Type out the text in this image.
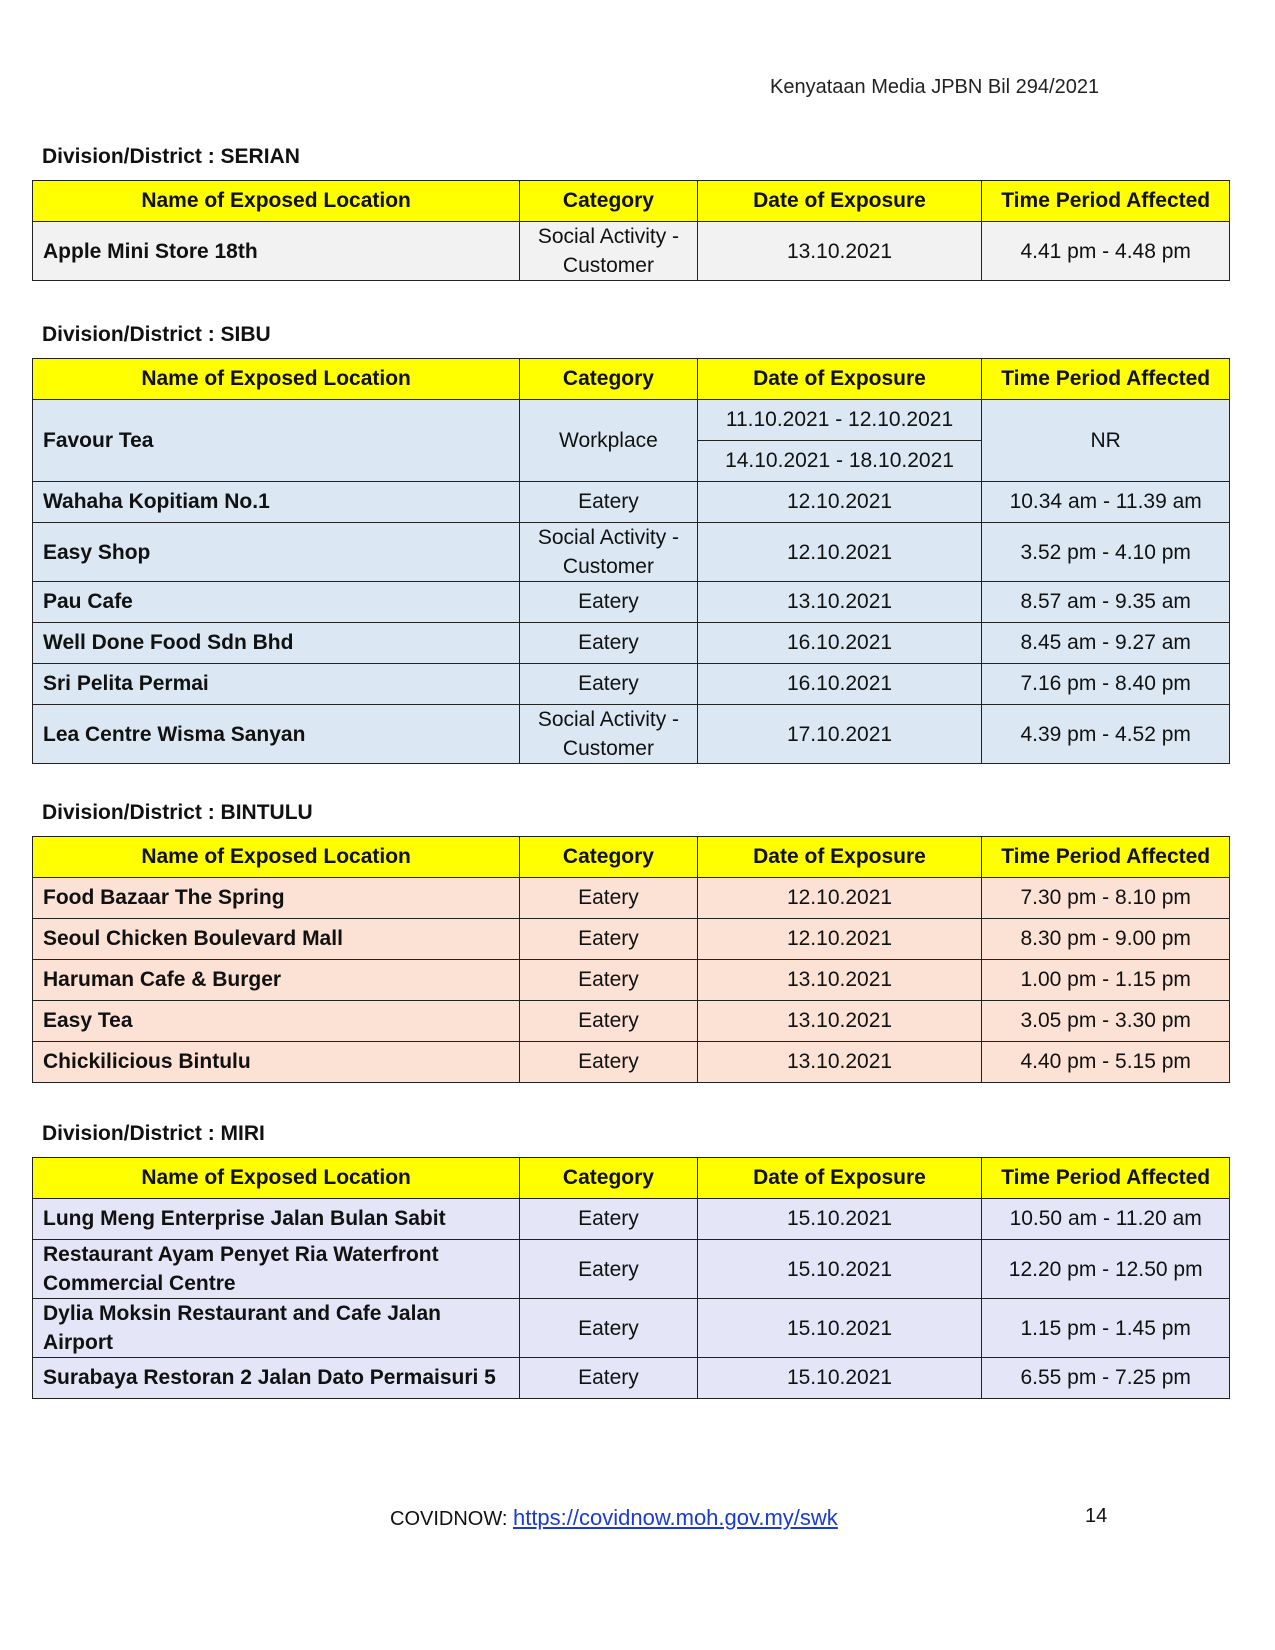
Kenyataan Media JPBN Bil 294/2021
Division/District : SERIAN
Name of Exposed Location	Category	Date of Exposure	Time Period Affected
Apple Mini Store 18th	Social Activity - Customer	13.10.2021	4.41 pm - 4.48 pm
Division/District : SIBU
Name of Exposed Location	Category	Date of Exposure	Time Period Affected
Favour Tea	Workplace	11.10.2021 - 12.10.2021	NR
		14.10.2021 - 18.10.2021	
Wahaha Kopitiam No.1	Eatery	12.10.2021	10.34 am - 11.39 am
Easy Shop	Social Activity - Customer	12.10.2021	3.52 pm - 4.10 pm
Pau Cafe	Eatery	13.10.2021	8.57 am - 9.35 am
Well Done Food Sdn Bhd	Eatery	16.10.2021	8.45 am - 9.27 am
Sri Pelita Permai	Eatery	16.10.2021	7.16 pm - 8.40 pm
Lea Centre Wisma Sanyan	Social Activity - Customer	17.10.2021	4.39 pm - 4.52 pm
Division/District : BINTULU
Name of Exposed Location	Category	Date of Exposure	Time Period Affected
Food Bazaar The Spring	Eatery	12.10.2021	7.30 pm - 8.10 pm
Seoul Chicken Boulevard Mall	Eatery	12.10.2021	8.30 pm - 9.00 pm
Haruman Cafe & Burger	Eatery	13.10.2021	1.00 pm - 1.15 pm
Easy Tea	Eatery	13.10.2021	3.05 pm - 3.30 pm
Chickilicious Bintulu	Eatery	13.10.2021	4.40 pm - 5.15 pm
Division/District : MIRI
Name of Exposed Location	Category	Date of Exposure	Time Period Affected
Lung Meng Enterprise Jalan Bulan Sabit	Eatery	15.10.2021	10.50 am - 11.20 am
Restaurant Ayam Penyet Ria Waterfront Commercial Centre	Eatery	15.10.2021	12.20 pm - 12.50 pm
Dylia Moksin Restaurant and Cafe Jalan Airport	Eatery	15.10.2021	1.15 pm - 1.45 pm
Surabaya Restoran 2 Jalan Dato Permaisuri 5	Eatery	15.10.2021	6.55 pm - 7.25 pm
COVIDNOW: https://covidnow.moh.gov.my/swk	14
